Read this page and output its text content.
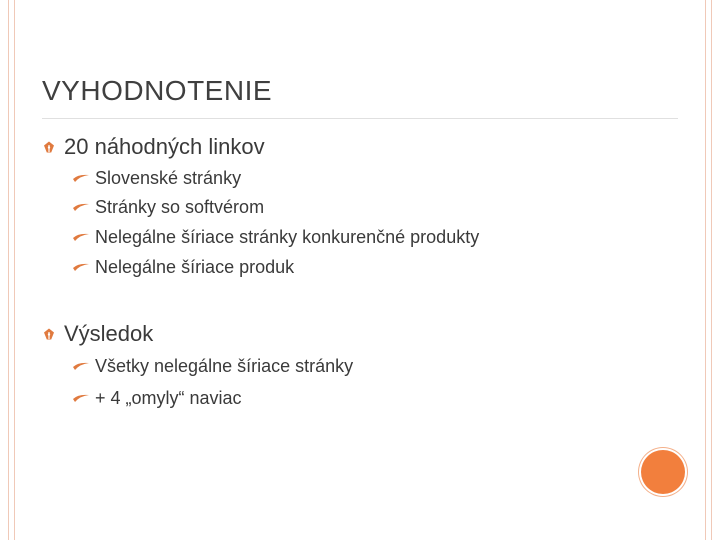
VYHODNOTENIE
20 náhodných linkov
Slovenské stránky
Stránky so softvérom
Nelegálne šíriace stránky konkurenčné produkty
Nelegálne šíriace produk
Výsledok
Všetky nelegálne šíriace stránky
+ 4 „omyly“ naviac
